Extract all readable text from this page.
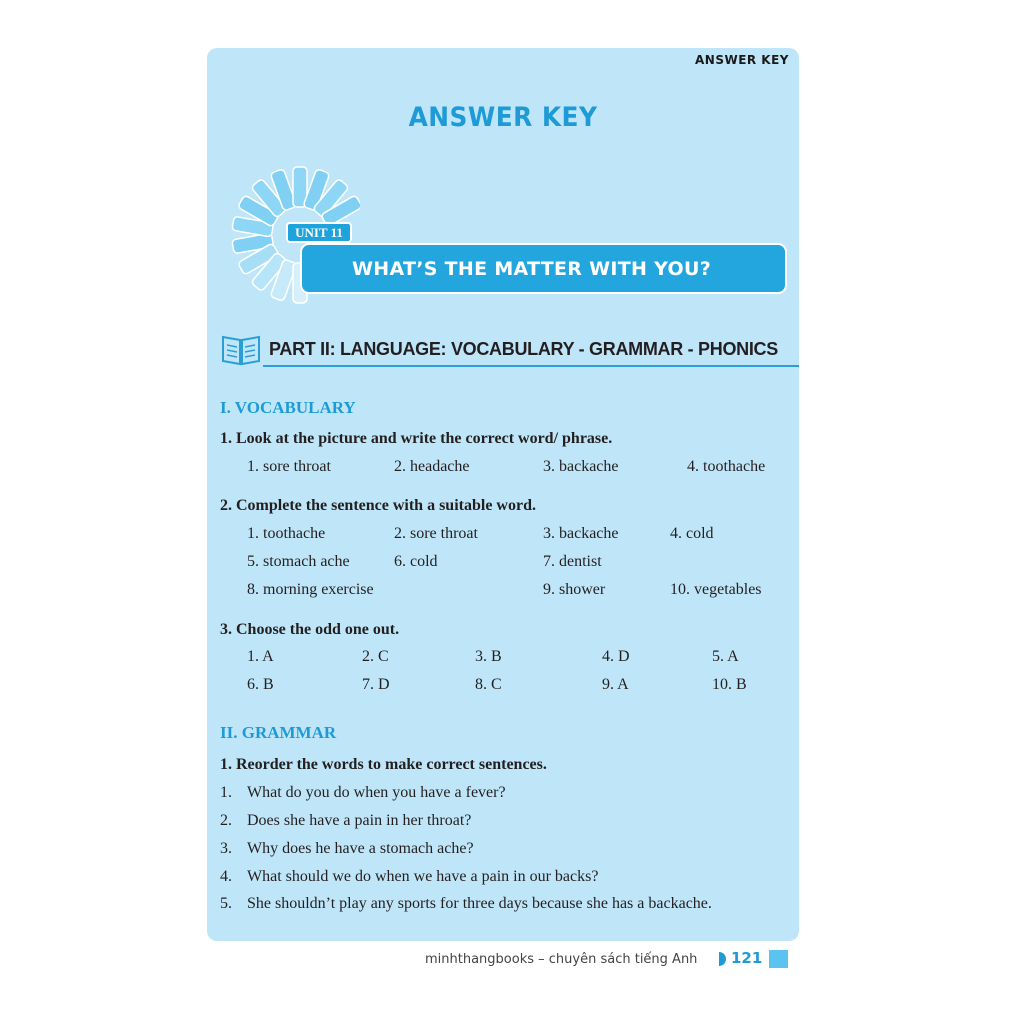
ANSWER KEY
ANSWER KEY
WHAT’S THE MATTER WITH YOU?
UNIT 11
PART II: LANGUAGE: VOCABULARY - GRAMMAR - PHONICS
I. VOCABULARY
1. Look at the picture and write the correct word/ phrase.
1. sore throat	2. headache	3. backache	4. toothache
2. Complete the sentence with a suitable word.
1. toothache	2. sore throat	3. backache	4. cold
5. stomach ache	6. cold	7. dentist
8. morning exercise	9. shower	10. vegetables
3. Choose the odd one out.
1. A	2. C	3. B	4. D	5. A
6. B	7. D	8. C	9. A	10. B
II. GRAMMAR
1. Reorder the words to make correct sentences.
1. What do you do when you have a fever?
2. Does she have a pain in her throat?
3. Why does he have a stomach ache?
4. What should we do when we have a pain in our backs?
5. She shouldn’t play any sports for three days because she has a backache.
minhthangbooks – chuyên sách tiếng Anh 121
